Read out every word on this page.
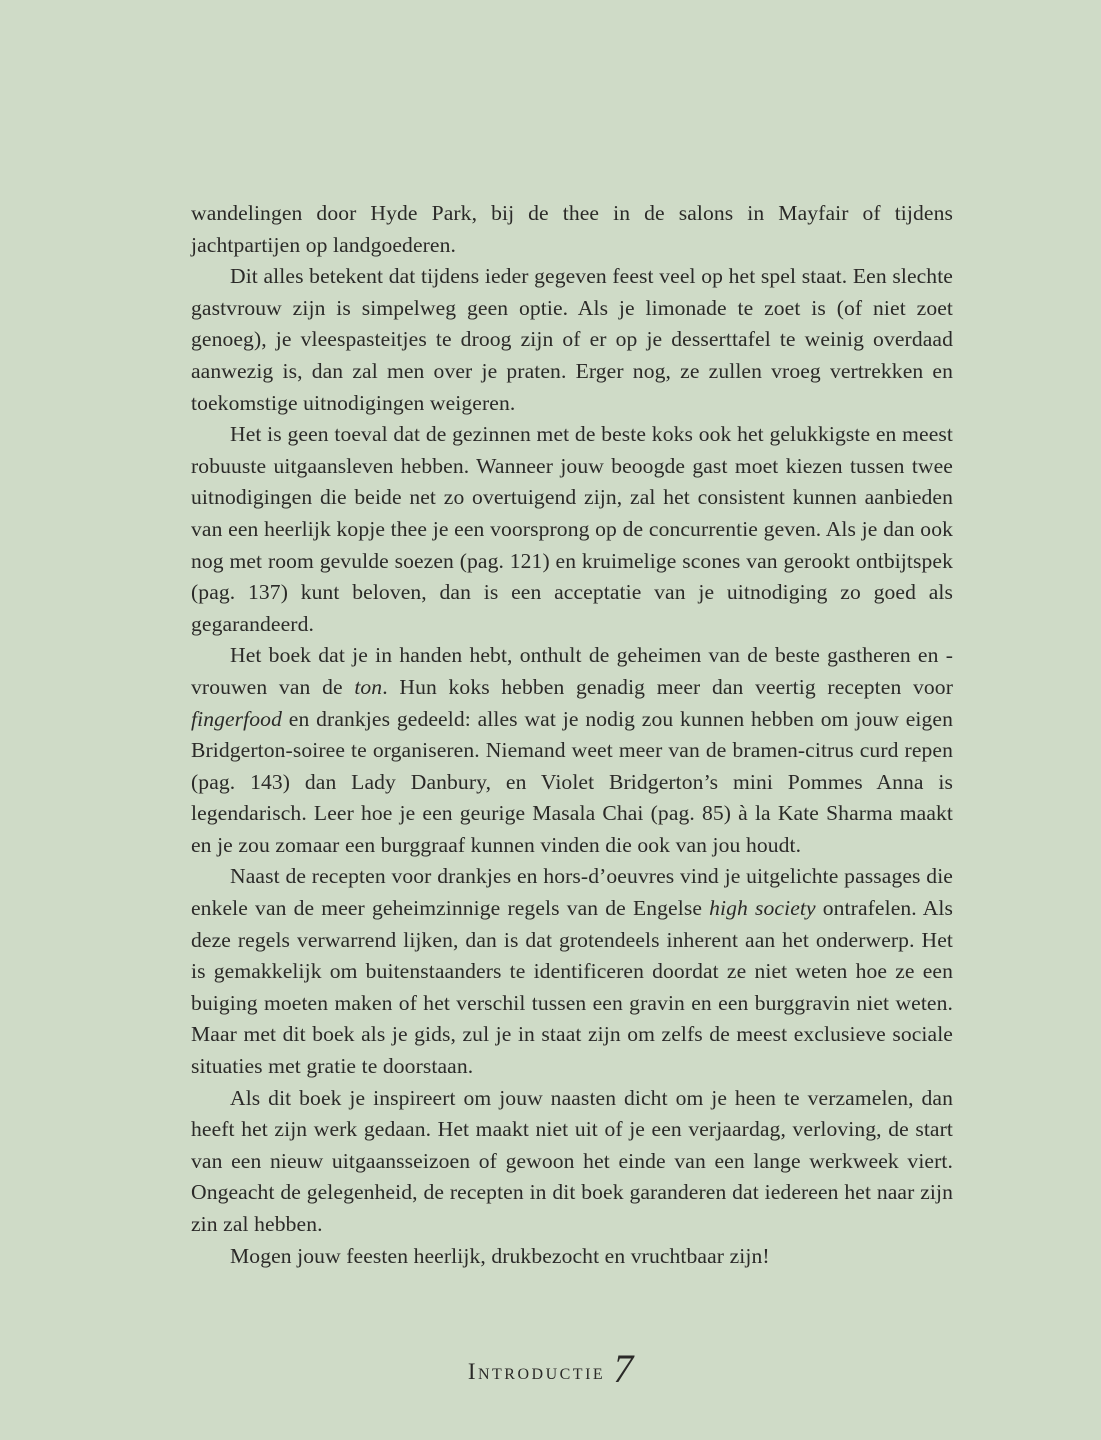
wandelingen door Hyde Park, bij de thee in de salons in Mayfair of tijdens jachtpartijen op landgoederen.

Dit alles betekent dat tijdens ieder gegeven feest veel op het spel staat. Een slechte gastvrouw zijn is simpelweg geen optie. Als je limonade te zoet is (of niet zoet genoeg), je vleespasteitjes te droog zijn of er op je desserttafel te weinig overdaad aanwezig is, dan zal men over je praten. Erger nog, ze zullen vroeg vertrekken en toekomstige uitnodigingen weigeren.

Het is geen toeval dat de gezinnen met de beste koks ook het gelukkigste en meest robuuste uitgaansleven hebben. Wanneer jouw beoogde gast moet kiezen tussen twee uitnodigingen die beide net zo overtuigend zijn, zal het consistent kunnen aanbieden van een heerlijk kopje thee je een voorsprong op de concurrentie geven. Als je dan ook nog met room gevulde soezen (pag. 121) en kruimelige scones van gerookt ontbijtspek (pag. 137) kunt beloven, dan is een acceptatie van je uitnodiging zo goed als gegarandeerd.

Het boek dat je in handen hebt, onthult de geheimen van de beste gastheren en -vrouwen van de ton. Hun koks hebben genadig meer dan veertig recepten voor fingerfood en drankjes gedeeld: alles wat je nodig zou kunnen hebben om jouw eigen Bridgerton-soiree te organiseren. Niemand weet meer van de bramen-citrus curd repen (pag. 143) dan Lady Danbury, en Violet Bridgerton’s mini Pommes Anna is legendarisch. Leer hoe je een geurige Masala Chai (pag. 85) à la Kate Sharma maakt en je zou zomaar een burggraaf kunnen vinden die ook van jou houdt.

Naast de recepten voor drankjes en hors-d’oeuvres vind je uitgelichte passages die enkele van de meer geheimzinnige regels van de Engelse high society ontrafelen. Als deze regels verwarrend lijken, dan is dat grotendeels inherent aan het onderwerp. Het is gemakkelijk om buitenstaanders te identificeren doordat ze niet weten hoe ze een buiging moeten maken of het verschil tussen een gravin en een burggravin niet weten. Maar met dit boek als je gids, zul je in staat zijn om zelfs de meest exclusieve sociale situaties met gratie te doorstaan.

Als dit boek je inspireert om jouw naasten dicht om je heen te verzamelen, dan heeft het zijn werk gedaan. Het maakt niet uit of je een verjaardag, verloving, de start van een nieuw uitgaansseizoen of gewoon het einde van een lange werkweek viert. Ongeacht de gelegenheid, de recepten in dit boek garanderen dat iedereen het naar zijn zin zal hebben.

Mogen jouw feesten heerlijk, drukbezocht en vruchtbaar zijn!

Introductie 7
